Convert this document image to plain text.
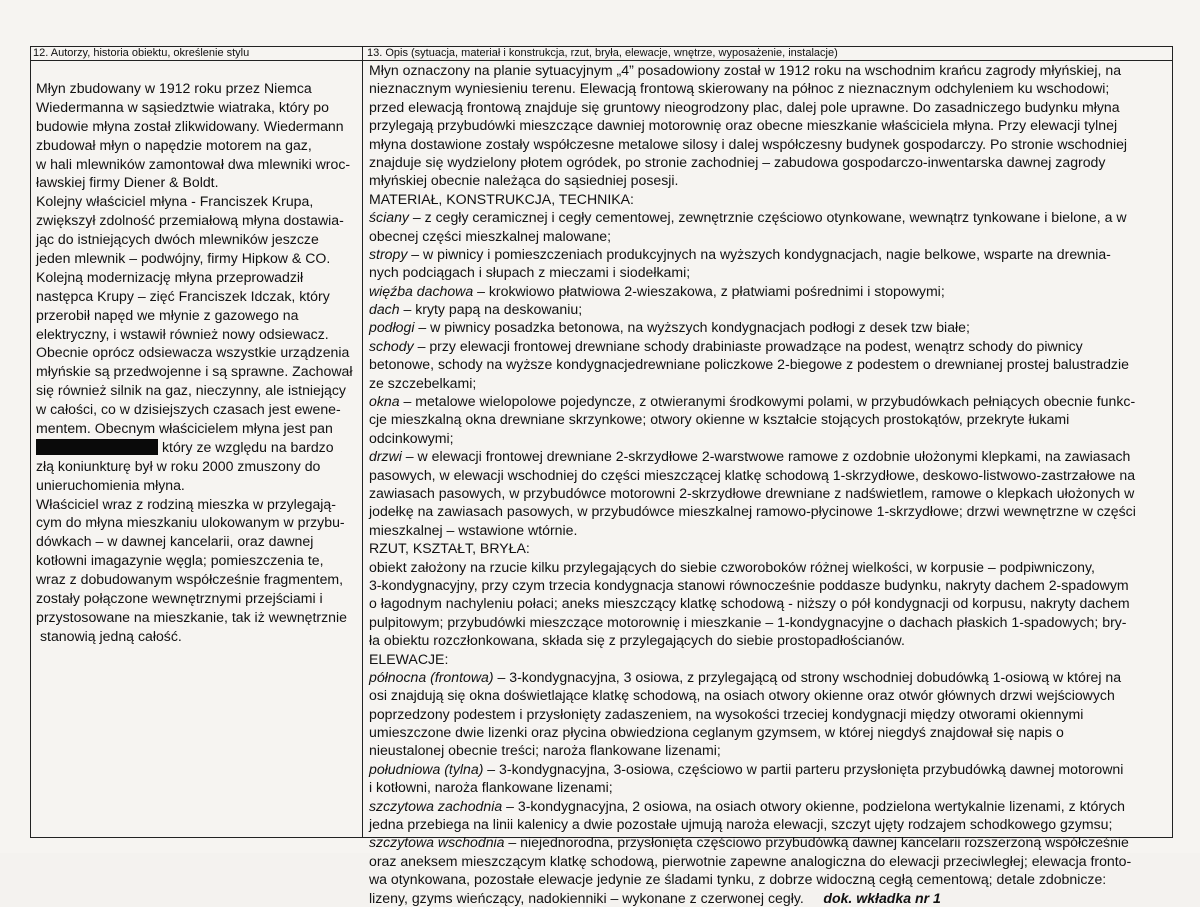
12. Autorzy, historia obiektu, określenie stylu	13. Opis (sytuacja, materiał i konstrukcja, rzut, bryła, elewacje, wnętrze, wyposażenie, instalacje)
Młyn zbudowany w 1912 roku przez Niemca
Wiedermanna w sąsiedztwie wiatraka, który po
budowie młyna został zlikwidowany. Wiedermann
zbudował młyn o napędzie motorem na gaz,
w hali mlewników zamontował dwa mlewniki wroc-
ławskiej firmy Diener & Boldt.
Kolejny właściciel młyna - Franciszek Krupa,
zwiększył zdolność przemiałową młyna dostawia-
jąc do istniejących dwóch mlewników jeszcze
jeden mlewnik – podwójny, firmy Hipkow & CO.
Kolejną modernizację młyna przeprowadził
następca Krupy – zięć Franciszek Idczak, który
przerobił napęd we młynie z gazowego na
elektryczny, i wstawił również nowy odsiewacz.
Obecnie oprócz odsiewacza wszystkie urządzenia
młyńskie są przedwojenne i są sprawne. Zachował
się również silnik na gaz, nieczynny, ale istniejący
w całości, co w dzisiejszych czasach jest ewene-
mentem. Obecnym właścicielem młyna jest pan
który ze względu na bardzo
złą koniunkturę był w roku 2000 zmuszony do
unieruchomienia młyna.
Właściciel wraz z rodziną mieszka w przylegają-
cym do młyna mieszkaniu ulokowanym w przybu-
dówkach – w dawnej kancelarii, oraz dawnej
kotłowni imagazynie węgla; pomieszczenia te,
wraz z dobudowanym współcześnie fragmentem,
zostały połączone wewnętrznymi przejściami i
przystosowane na mieszkanie, tak iż wewnętrznie
stanowią jedną całość.
Młyn oznaczony na planie sytuacyjnym „4” posadowiony został w 1912 roku na wschodnim krańcu zagrody młyńskiej, na
nieznacznym wyniesieniu terenu. Elewacją frontową skierowany na północ z nieznacznym odchyleniem ku wschodowi;
przed elewacją frontową znajduje się gruntowy nieogrodzony plac, dalej pole uprawne. Do zasadniczego budynku młyna
przylegają przybudówki mieszczące dawniej motorownię oraz obecne mieszkanie właściciela młyna. Przy elewacji tylnej
młyna dostawione zostały współczesne metalowe silosy i dalej współczesny budynek gospodarczy. Po stronie wschodniej
znajduje się wydzielony płotem ogródek, po stronie zachodniej – zabudowa gospodarczo-inwentarska dawnej zagrody
młyńskiej obecnie należąca do sąsiedniej posesji.
MATERIAŁ, KONSTRUKCJA, TECHNIKA:
ściany – z cegły ceramicznej i cegły cementowej, zewnętrznie częściowo otynkowane, wewnątrz tynkowane i bielone, a w
obecnej części mieszkalnej malowane;
stropy – w piwnicy i pomieszczeniach produkcyjnych na wyższych kondygnacjach, nagie belkowe, wsparte na drewnia-
nych podciągach i słupach z mieczami i siodełkami;
więźba dachowa – krokwiowo płatwiowa 2-wieszakowa, z płatwiami pośrednimi i stopowymi;
dach – kryty papą na deskowaniu;
podłogi – w piwnicy posadzka betonowa, na wyższych kondygnacjach podłogi z desek tzw białe;
schody – przy elewacji frontowej drewniane schody drabiniaste prowadzące na podest, wenątrz schody do piwnicy
betonowe, schody na wyższe kondygnacjedrewniane policzkowe 2-biegowe z podestem o drewnianej prostej balustradzie
ze szczebelkami;
okna – metalowe wielopolowe pojedyncze, z otwieranymi środkowymi polami, w przybudówkach pełniących obecnie funkc-
cje mieszkalną okna drewniane skrzynkowe; otwory okienne w kształcie stojących prostokątów, przekryte łukami
odcinkowymi;
drzwi – w elewacji frontowej drewniane 2-skrzydłowe 2-warstwowe ramowe z ozdobnie ułożonymi klepkami, na zawiasach
pasowych, w elewacji wschodniej do części mieszczącej klatkę schodową 1-skrzydłowe, deskowo-listwowo-zastrzałowe na
zawiasach pasowych, w przybudówce motorowni 2-skrzydłowe drewniane z nadświetlem, ramowe o klepkach ułożonych w
jodełkę na zawiasach pasowych, w przybudówce mieszkalnej ramowo-płycinowe 1-skrzydłowe; drzwi wewnętrzne w części
mieszkalnej – wstawione wtórnie.
RZUT, KSZTAŁT, BRYŁA:
obiekt założony na rzucie kilku przylegających do siebie czworoboków różnej wielkości, w korpusie – podpiwniczony,
3-kondygnacyjny, przy czym trzecia kondygnacja stanowi równocześnie poddasze budynku, nakryty dachem 2-spadowym
o łagodnym nachyleniu połaci; aneks mieszczący klatkę schodową - niższy o pół kondygnacji od korpusu, nakryty dachem
pulpitowym; przybudówki mieszczące motorownię i mieszkanie – 1-kondygnacyjne o dachach płaskich 1-spadowych; bry-
ła obiektu rozczłonkowana, składa się z przylegających do siebie prostopadłościanów.
ELEWACJE:
północna (frontowa) – 3-kondygnacyjna, 3 osiowa, z przylegającą od strony wschodniej dobudówką 1-osiową w której na
osi znajdują się okna doświetlające klatkę schodową, na osiach otwory okienne oraz otwór głównych drzwi wejściowych
poprzedzony podestem i przysłonięty zadaszeniem, na wysokości trzeciej kondygnacji między otworami okiennymi
umieszczone dwie lizenki oraz płycina obwiedziona ceglanym gzymsem, w której niegdyś znajdował się napis o
nieustalonej obecnie treści; naroża flankowane lizenami;
południowa (tylna) – 3-kondygnacyjna, 3-osiowa, częściowo w partii parteru przysłonięta przybudówką dawnej motorowni
i kotłowni, naroża flankowane lizenami;
szczytowa zachodnia – 3-kondygnacyjna, 2 osiowa, na osiach otwory okienne, podzielona wertykalnie lizenami, z których
jedna przebiega na linii kalenicy a dwie pozostałe ujmują naroża elewacji, szczyt ujęty rodzajem schodkowego gzymsu;
szczytowa wschodnia – niejednorodna, przysłonięta częściowo przybudówką dawnej kancelarii rozszerzoną współcześnie
oraz aneksem mieszczącym klatkę schodową, pierwotnie zapewne analogiczna do elewacji przeciwległej; elewacja fronto-
wa otynkowana, pozostałe elewacje jedynie ze śladami tynku, z dobrze widoczną cegłą cementową; detale zdobnicze:
lizeny, gzyms wieńczący, nadokienniki – wykonane z czerwonej cegły. dok. wkładka nr 1
